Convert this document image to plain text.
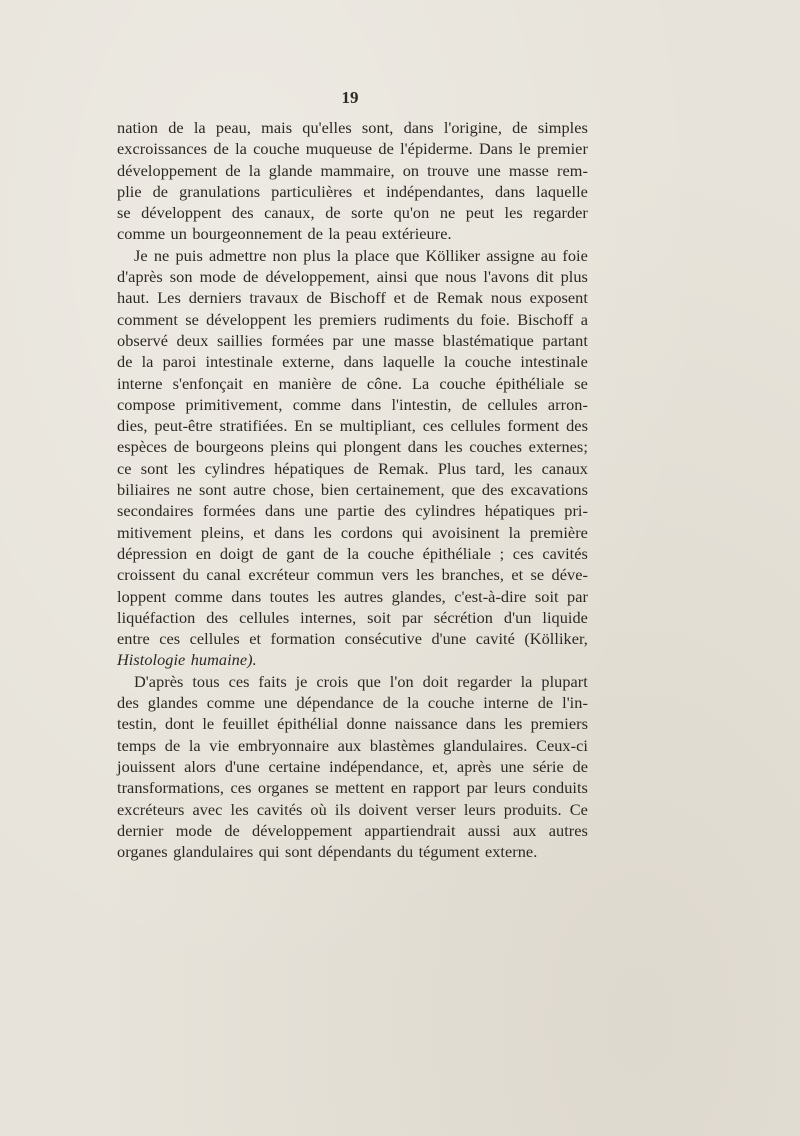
19
nation de la peau, mais qu'elles sont, dans l'origine, de simples
excroissances de la couche muqueuse de l'épiderme. Dans le premier
développement de la glande mammaire, on trouve une masse rem-
plie de granulations particulières et indépendantes, dans laquelle
se développent des canaux, de sorte qu'on ne peut les regarder
comme un bourgeonnement de la peau extérieure.
Je ne puis admettre non plus la place que Kölliker assigne au foie
d'après son mode de développement, ainsi que nous l'avons dit plus
haut. Les derniers travaux de Bischoff et de Remak nous exposent
comment se développent les premiers rudiments du foie. Bischoff a
observé deux saillies formées par une masse blastématique partant
de la paroi intestinale externe, dans laquelle la couche intestinale
interne s'enfonçait en manière de cône. La couche épithéliale se
compose primitivement, comme dans l'intestin, de cellules arron-
dies, peut-être stratifiées. En se multipliant, ces cellules forment des
espèces de bourgeons pleins qui plongent dans les couches externes;
ce sont les cylindres hépatiques de Remak. Plus tard, les canaux
biliaires ne sont autre chose, bien certainement, que des excavations
secondaires formées dans une partie des cylindres hépatiques pri-
mitivement pleins, et dans les cordons qui avoisinent la première
dépression en doigt de gant de la couche épithéliale ; ces cavités
croissent du canal excréteur commun vers les branches, et se déve-
loppent comme dans toutes les autres glandes, c'est-à-dire soit par
liquéfaction des cellules internes, soit par sécrétion d'un liquide
entre ces cellules et formation consécutive d'une cavité (Kölliker,
Histologie humaine).
D'après tous ces faits je crois que l'on doit regarder la plupart
des glandes comme une dépendance de la couche interne de l'in-
testin, dont le feuillet épithélial donne naissance dans les premiers
temps de la vie embryonnaire aux blastèmes glandulaires. Ceux-ci
jouissent alors d'une certaine indépendance, et, après une série de
transformations, ces organes se mettent en rapport par leurs conduits
excréteurs avec les cavités où ils doivent verser leurs produits. Ce
dernier mode de développement appartiendrait aussi aux autres
organes glandulaires qui sont dépendants du tégument externe.
